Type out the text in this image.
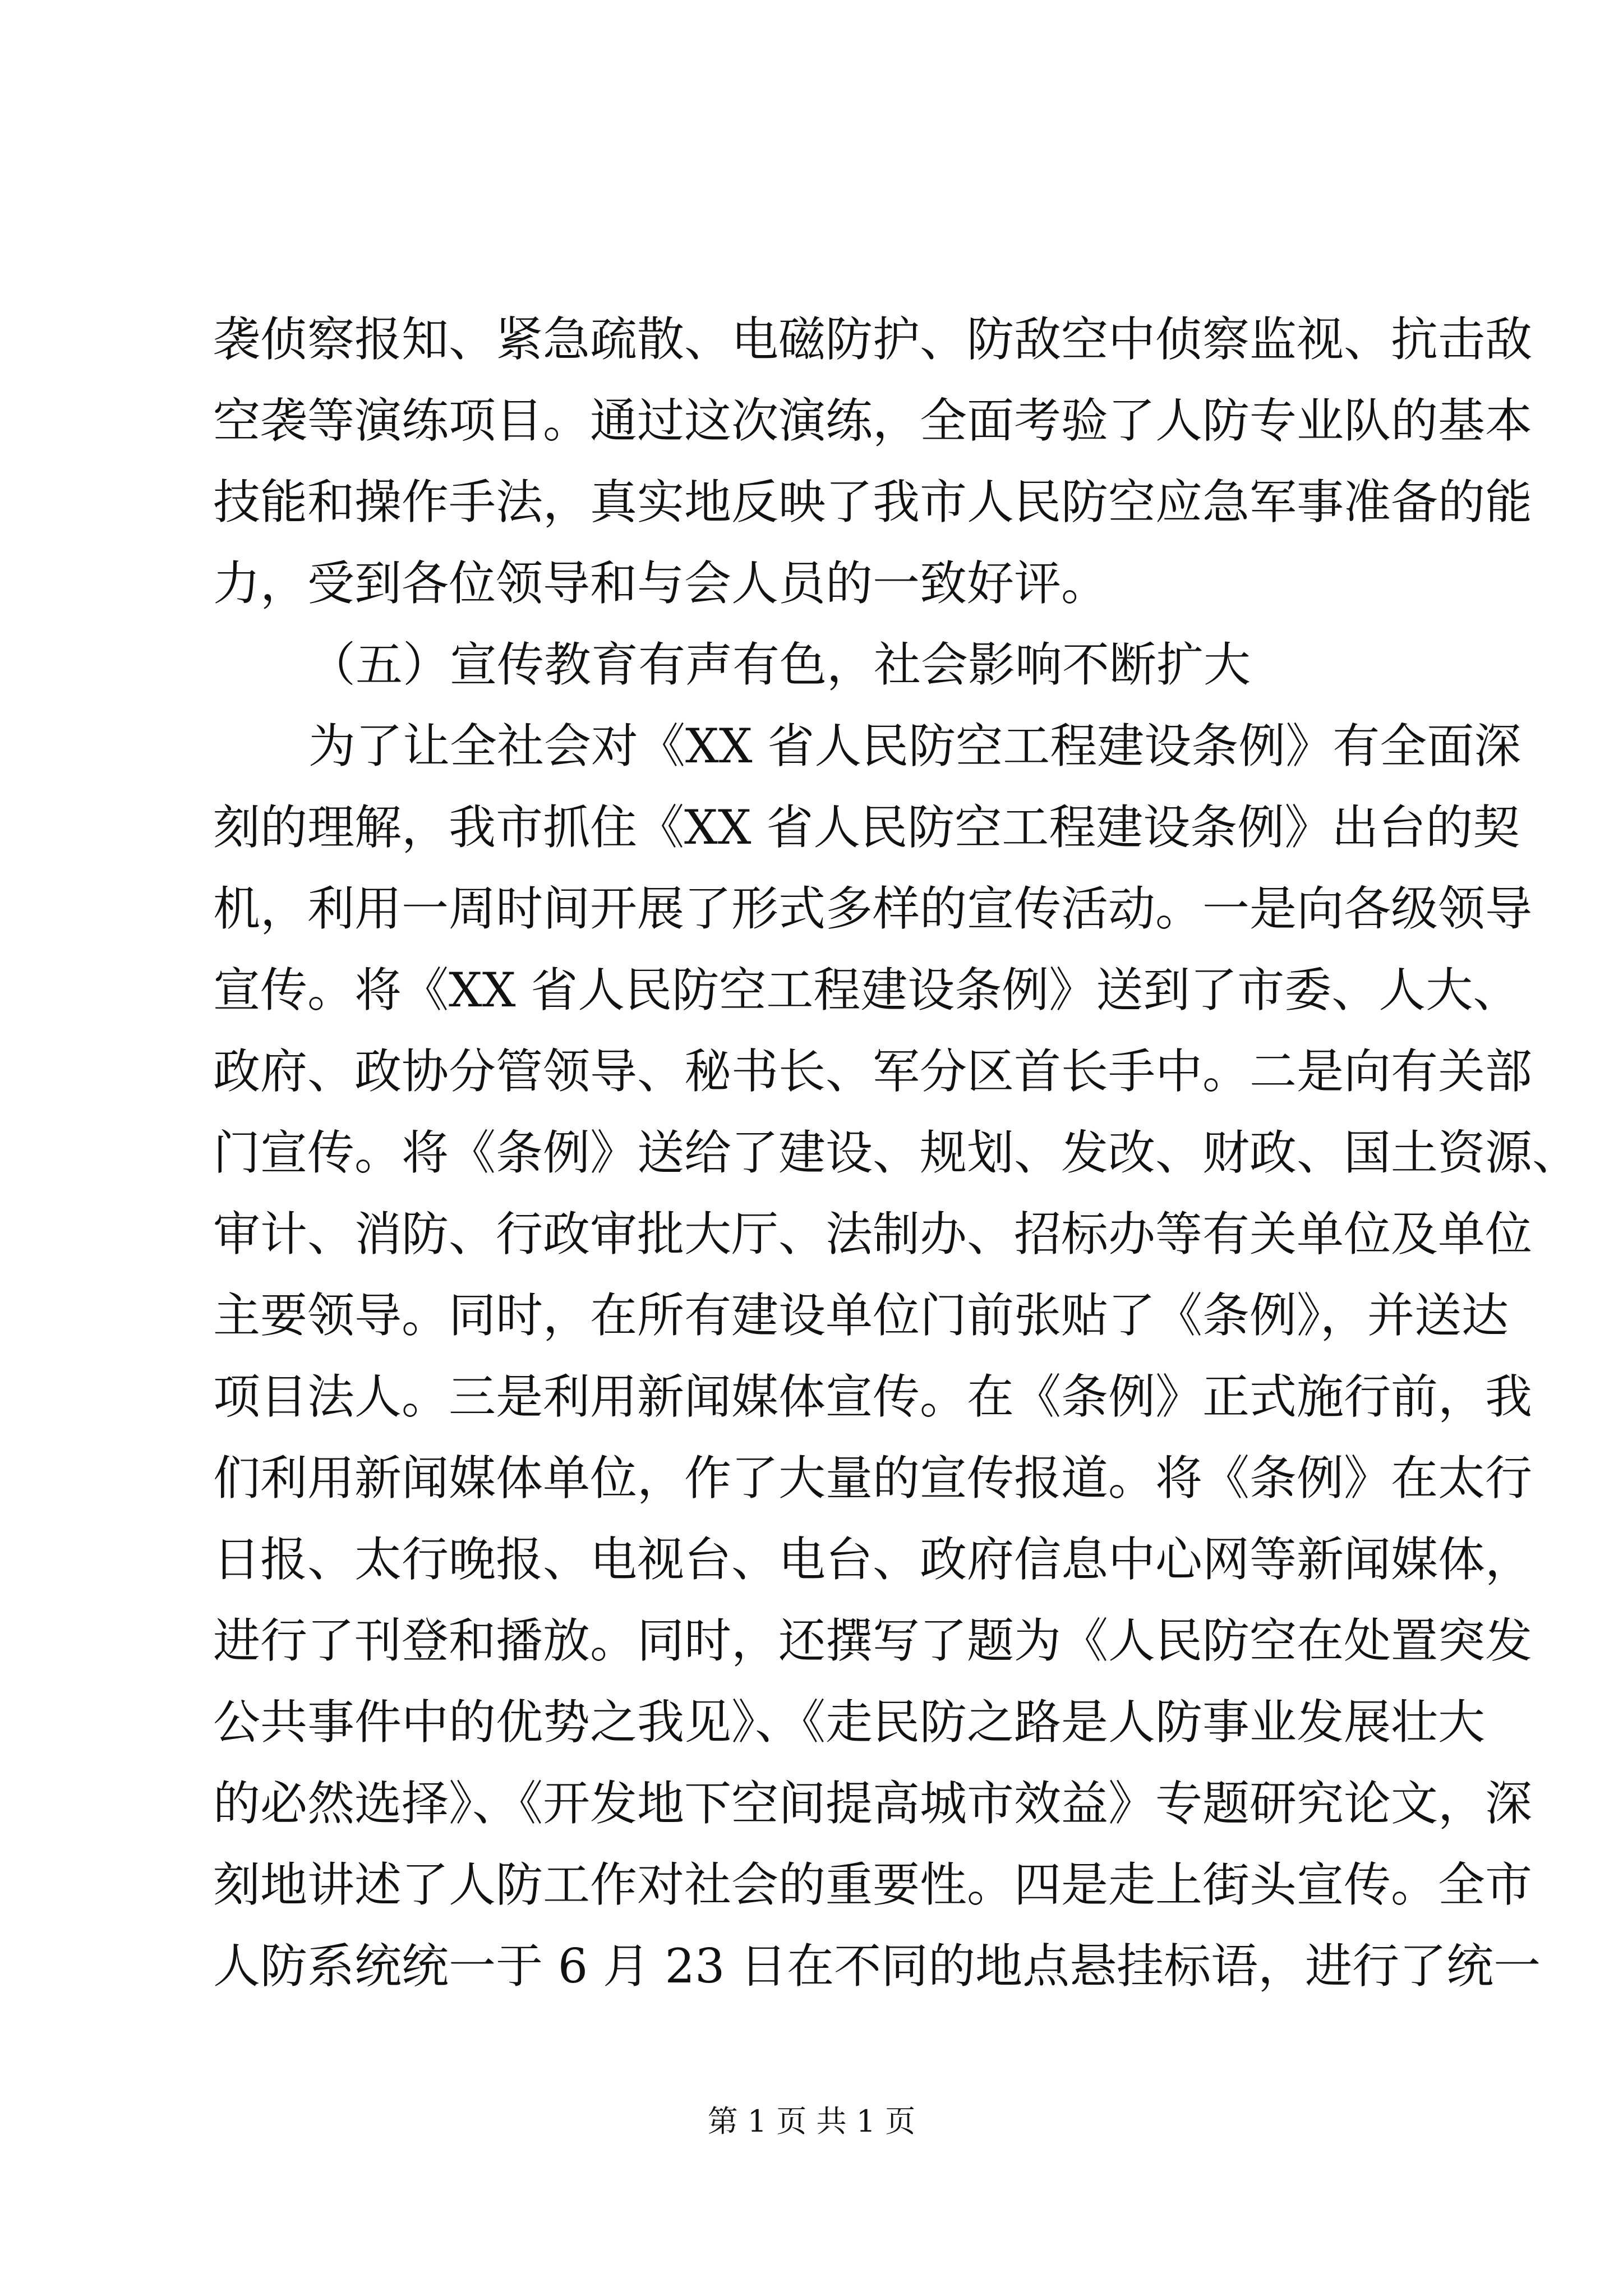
袭侦察报知、紧急疏散、电磁防护、防敌空中侦察监视、抗击敌
空袭等演练项目。通过这次演练，全面考验了人防专业队的基本
技能和操作手法，真实地反映了我市人民防空应急军事准备的能
力，受到各位领导和与会人员的一致好评。
（五）宣传教育有声有色，社会影响不断扩大
为了让全社会对《XX 省人民防空工程建设条例》有全面深
刻的理解，我市抓住《XX 省人民防空工程建设条例》出台的契
机，利用一周时间开展了形式多样的宣传活动。一是向各级领导
宣传。将《XX 省人民防空工程建设条例》送到了市委、人大、
政府、政协分管领导、秘书长、军分区首长手中。二是向有关部
门宣传。将《条例》送给了建设、规划、发改、财政、国土资源、
审计、消防、行政审批大厅、法制办、招标办等有关单位及单位
主要领导。同时，在所有建设单位门前张贴了《条例》，并送达
项目法人。三是利用新闻媒体宣传。在《条例》正式施行前，我
们利用新闻媒体单位，作了大量的宣传报道。将《条例》在太行
日报、太行晚报、电视台、电台、政府信息中心网等新闻媒体，
进行了刊登和播放。同时，还撰写了题为《人民防空在处置突发
公共事件中的优势之我见》、《走民防之路是人防事业发展壮大
的必然选择》、《开发地下空间提高城市效益》专题研究论文，深
刻地讲述了人防工作对社会的重要性。四是走上街头宣传。全市
人防系统统一于 6 月 23 日在不同的地点悬挂标语，进行了统一
第 1 页 共 1 页
